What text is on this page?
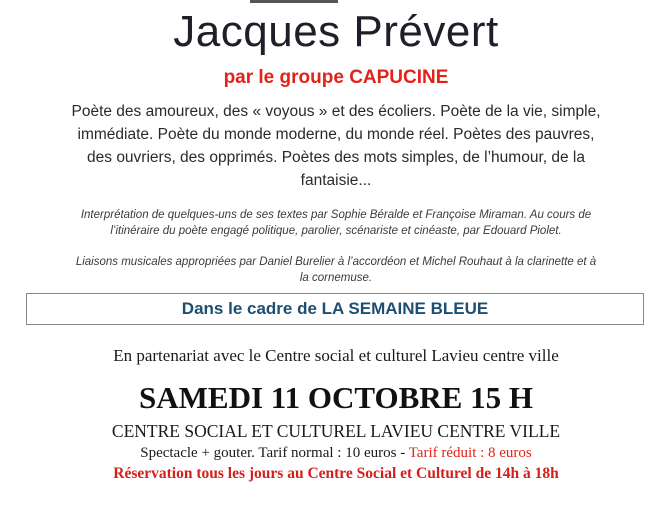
Jacques Prévert
par le groupe CAPUCINE
Poète des amoureux, des « voyous » et des écoliers. Poète de la vie, simple,
immédiate. Poète du monde moderne, du monde réel. Poètes des pauvres,
des ouvriers, des opprimés. Poètes des mots simples, de l’humour, de la
fantaisie...
Interprétation de quelques-uns de ses textes par Sophie Béralde et Françoise Miraman. Au cours de
l’itinéraire du poète engagé politique, parolier, scénariste et cinéaste, par Edouard Piolet.
Liaisons musicales appropriées par Daniel Burelier à l’accordéon et Michel Rouhaut à la clarinette et à
la cornemuse.
Dans le cadre de LA SEMAINE BLEUE
En partenariat avec le Centre social et culturel Lavieu centre ville
SAMEDI 11 OCTOBRE 15 H
CENTRE SOCIAL ET CULTUREL LAVIEU CENTRE VILLE
Spectacle + gouter. Tarif normal : 10 euros - Tarif réduit : 8 euros
Réservation tous les jours au Centre Social et Culturel de 14h à 18h
